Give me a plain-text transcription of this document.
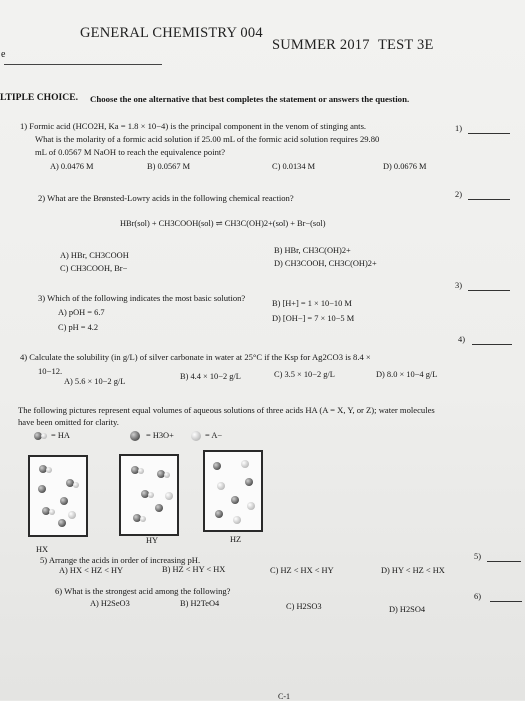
GENERAL CHEMISTRY 004
SUMMER 2017 TEST 3E
e
LTIPLE CHOICE. Choose the one alternative that best completes the statement or answers the question.
1) Formic acid (HCO2H, Ka = 1.8 × 10−4) is the principal component in the venom of stinging ants.
What is the molarity of a formic acid solution if 25.00 mL of the formic acid solution requires 29.80
mL of 0.0567 M NaOH to reach the equivalence point?
A) 0.0476 M	B) 0.0567 M	C) 0.0134 M	D) 0.0676 M
1)
2) What are the Brønsted-Lowry acids in the following chemical reaction?
HBr(sol) + CH3COOH(sol) ⇌ CH3C(OH)2+(sol) + Br−(sol)
A) HBr, CH3COOH
B) HBr, CH3C(OH)2+
C) CH3COOH, Br−
D) CH3COOH, CH3C(OH)2+
2)
3) Which of the following indicates the most basic solution?
A) pOH = 6.7
B) [H+] = 1 × 10−10 M
C) pH = 4.2
D) [OH−] = 7 × 10−5 M
3)
4) Calculate the solubility (in g/L) of silver carbonate in water at 25°C if the Ksp for Ag2CO3 is 8.4 ×
10−12.
A) 5.6 × 10−2 g/L
B) 4.4 × 10−2 g/L	C) 3.5 × 10−2 g/L	D) 8.0 × 10−4 g/L
4)
The following pictures represent equal volumes of aqueous solutions of three acids HA (A = X, Y, or Z); water molecules
have been omitted for clarity.
= HA	= H3O+	= A−
HX
HY	HZ
5) Arrange the acids in order of increasing pH.
A) HX < HZ < HY	B) HZ < HY < HX	C) HZ < HX < HY	D) HY < HZ < HX
5)
6) What is the strongest acid among the following?
A) H2SeO3	B) H2TeO4	C) H2SO3	D) H2SO4
6)
C-1
